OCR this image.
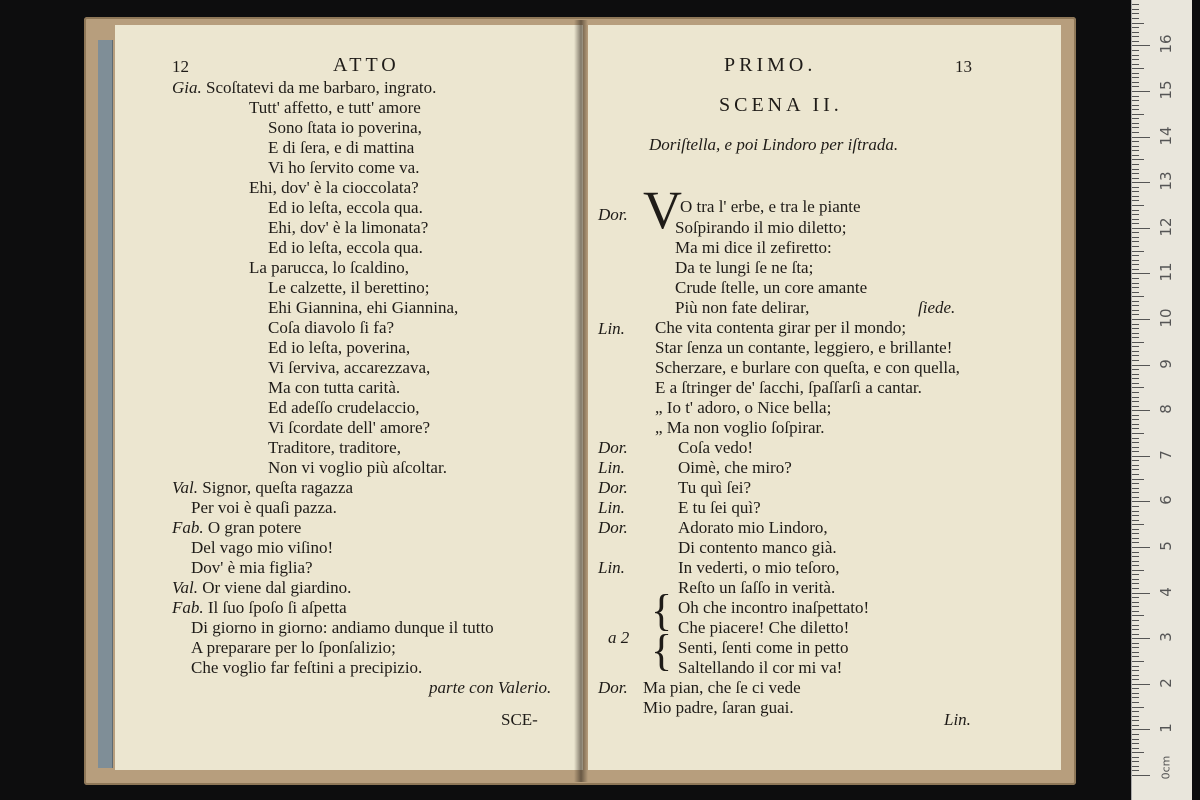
12	ATTO
Gia. Scoſtatevi da me barbaro, ingrato.
Tutt' affetto, e tutt' amore
Sono ſtata io poverina,
E di ſera, e di mattina
Vi ho ſervito come va.
Ehi, dov' è la cioccolata?
Ed io leſta, eccola qua.
Ehi, dov' è la limonata?
Ed io leſta, eccola qua.
La parucca, lo ſcaldino,
Le calzette, il berettino;
Ehi Giannina, ehi Giannina,
Coſa diavolo ſi fa?
Ed io leſta, poverina,
Vi ſerviva, accarezzava,
Ma con tutta carità.
Ed adeſſo crudelaccio,
Vi ſcordate dell' amore?
Traditore, traditore,
Non vi voglio più aſcoltar.
Val. Signor, queſta ragazza
Per voi è quaſi pazza.
Fab. O gran potere
Del vago mio viſino!
Dov' è mia figlia?
Val. Or viene dal giardino.
Fab. Il ſuo ſpoſo ſi aſpetta
Di giorno in giorno: andiamo dunque il tutto
A preparare per lo ſponſalizio;
Che voglio far feſtini a precipizio.
parte con Valerio.
SCE-
PRIMO.	13
SCENA II.
Doriſtella, e poi Lindoro per iſtrada.
V
Dor.	O tra l' erbe, e tra le piante
Soſpirando il mio diletto;
Ma mi dice il zefiretto:
Da te lungi ſe ne ſta;
Crude ſtelle, un core amante
Più non fate delirar,	ſiede.
Lin. Che vita contenta girar per il mondo;
Star ſenza un contante, leggiero, e brillante!
Scherzare, e burlare con queſta, e con quella,
E a ſtringer de' ſacchi, ſpaſſarſi a cantar.
„ Io t' adoro, o Nice bella;
„ Ma non voglio ſoſpirar.
Dor.	Coſa vedo!
Lin.	Oimè, che miro?
Dor.	Tu quì ſei?
Lin.	E tu ſei quì?
Dor.	Adorato mio Lindoro,
Di contento manco già.
Lin.	In vederti, o mio teſoro,
Reſto un ſaſſo in verità.
{ Oh che incontro inaſpettato!
Che piacere! Che diletto!
a 2 { Senti, ſenti come in petto
Saltellando il cor mi va!
Dor. Ma pian, che ſe ci vede
Mio padre, ſaran guai.
Lin.
0cm
1
2
3
4
5
6
7
8
9
10
11
12
13
14
15
16
